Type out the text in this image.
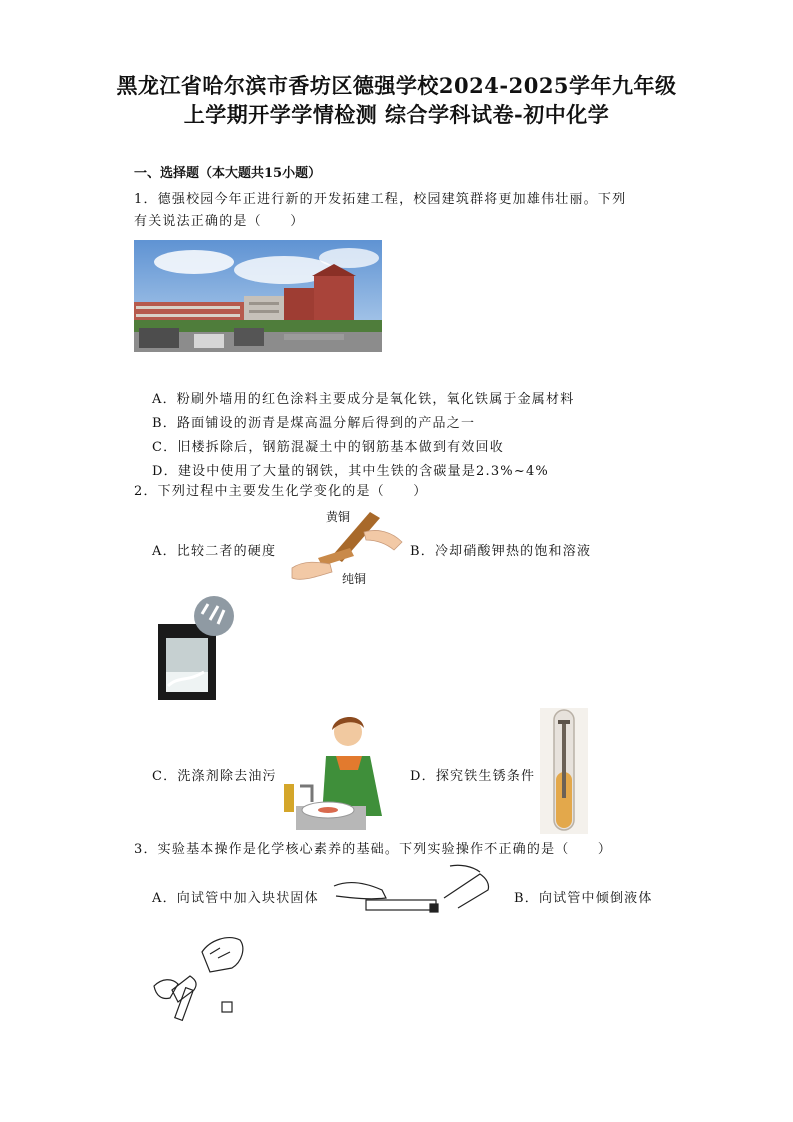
黑龙江省哈尔滨市香坊区德强学校2024-2025学年九年级
上学期开学学情检测 综合学科试卷-初中化学
一、选择题（本大题共15小题）
1．德强校园今年正进行新的开发拓建工程，校园建筑群将更加雄伟壮丽。下列
有关说法正确的是（　　）
A．粉刷外墙用的红色涂料主要成分是氧化铁，氧化铁属于金属材料
B．路面铺设的沥青是煤高温分解后得到的产品之一
C．旧楼拆除后，钢筋混凝土中的钢筋基本做到有效回收
D．建设中使用了大量的钢铁，其中生铁的含碳量是2.3%~4%
2．下列过程中主要发生化学变化的是（　　）
A．比较二者的硬度
黄铜
纯铜
B．冷却硝酸钾热的饱和溶液
C．洗涤剂除去油污	D．探究铁生锈条件
3．实验基本操作是化学核心素养的基础。下列实验操作不正确的是（　　）
A．向试管中加入块状固体	B．向试管中倾倒液体
